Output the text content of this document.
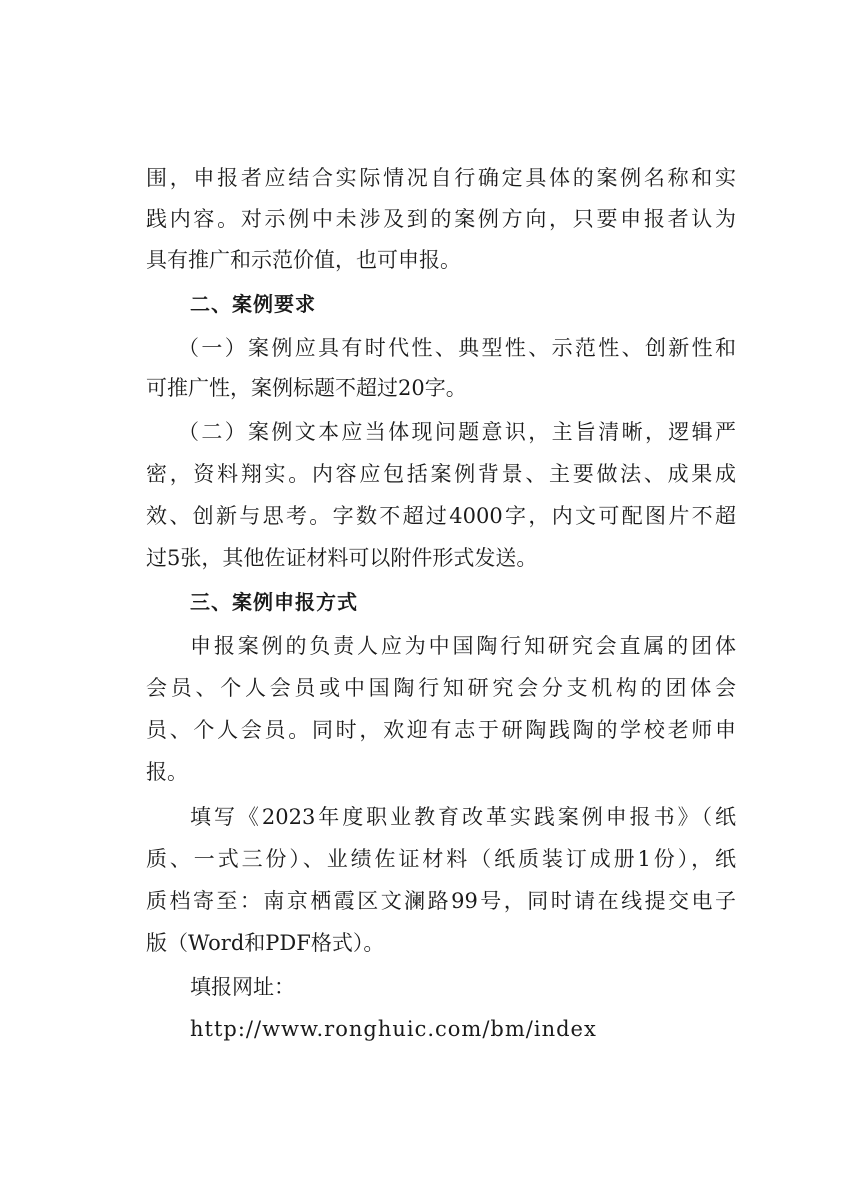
围，申报者应结合实际情况自行确定具体的案例名称和实
践内容。对示例中未涉及到的案例方向，只要申报者认为
具有推广和示范价值，也可申报。
二、案例要求
（一）案例应具有时代性、典型性、示范性、创新性和
可推广性，案例标题不超过20字。
（二）案例文本应当体现问题意识，主旨清晰，逻辑严
密，资料翔实。内容应包括案例背景、主要做法、成果成
效、创新与思考。字数不超过4000字，内文可配图片不超
过5张，其他佐证材料可以附件形式发送。
三、案例申报方式
申报案例的负责人应为中国陶行知研究会直属的团体
会员、个人会员或中国陶行知研究会分支机构的团体会
员、个人会员。同时，欢迎有志于研陶践陶的学校老师申
报。
填写《2023年度职业教育改革实践案例申报书》（纸
质、一式三份）、业绩佐证材料（纸质装订成册1份），纸
质档寄至：南京栖霞区文澜路99号，同时请在线提交电子
版（Word和PDF格式）。
填报网址：
http://www.ronghuic.com/bm/index
